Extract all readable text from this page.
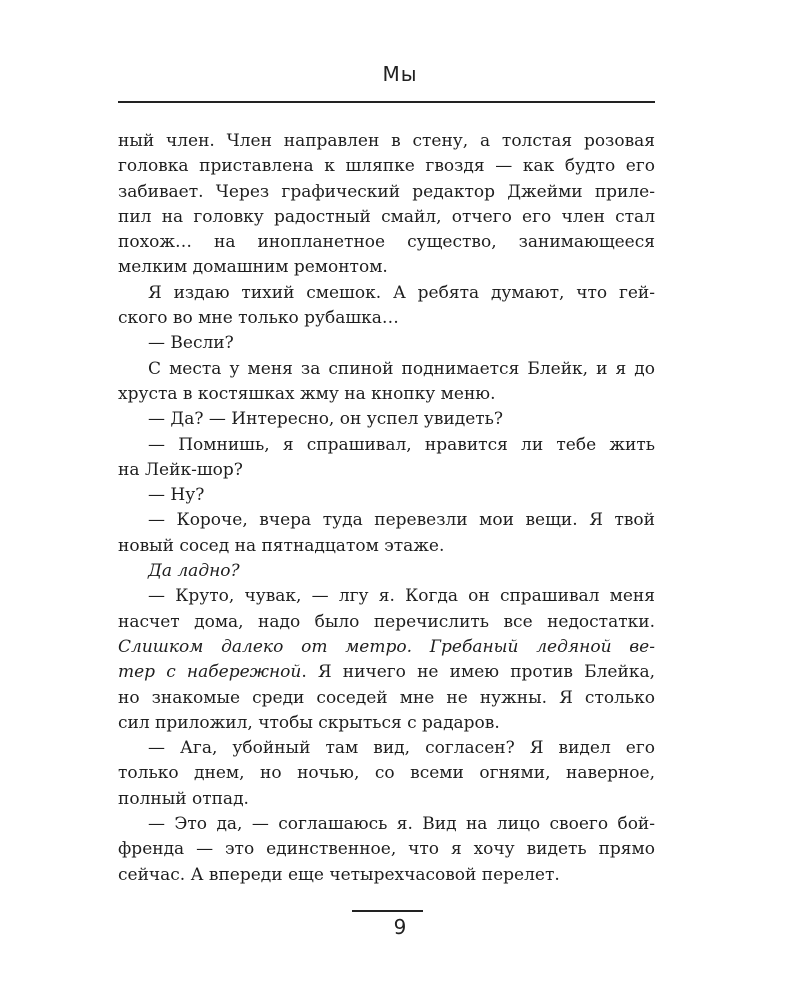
Мы
ный член. Член направлен в стену, а толстая розовая
головка приставлена к шляпке гвоздя — как будто его
забивает. Через графический редактор Джейми приле-
пил на головку радостный смайл, отчего его член стал
похож… на инопланетное существо, занимающееся
мелким домашним ремонтом.
Я издаю тихий смешок. А ребята думают, что гей-
ского во мне только рубашка…
— Весли?
С места у меня за спиной поднимается Блейк, и я до
хруста в костяшках жму на кнопку меню.
— Да? — Интересно, он успел увидеть?
— Помнишь, я спрашивал, нравится ли тебе жить
на Лейк-шор?
— Ну?
— Короче, вчера туда перевезли мои вещи. Я твой
новый сосед на пятнадцатом этаже.
Да ладно?
— Круто, чувак, — лгу я. Когда он спрашивал меня
насчет дома, надо было перечислить все недостатки.
Слишком далеко от метро. Гребаный ледяной ве-
тер с набережной. Я ничего не имею против Блейка,
но знакомые среди соседей мне не нужны. Я столько
сил приложил, чтобы скрыться с радаров.
— Ага, убойный там вид, согласен? Я видел его
только днем, но ночью, со всеми огнями, наверное,
полный отпад.
— Это да, — соглашаюсь я. Вид на лицо своего бой-
френда — это единственное, что я хочу видеть прямо
сейчас. А впереди еще четырехчасовой перелет.
9
